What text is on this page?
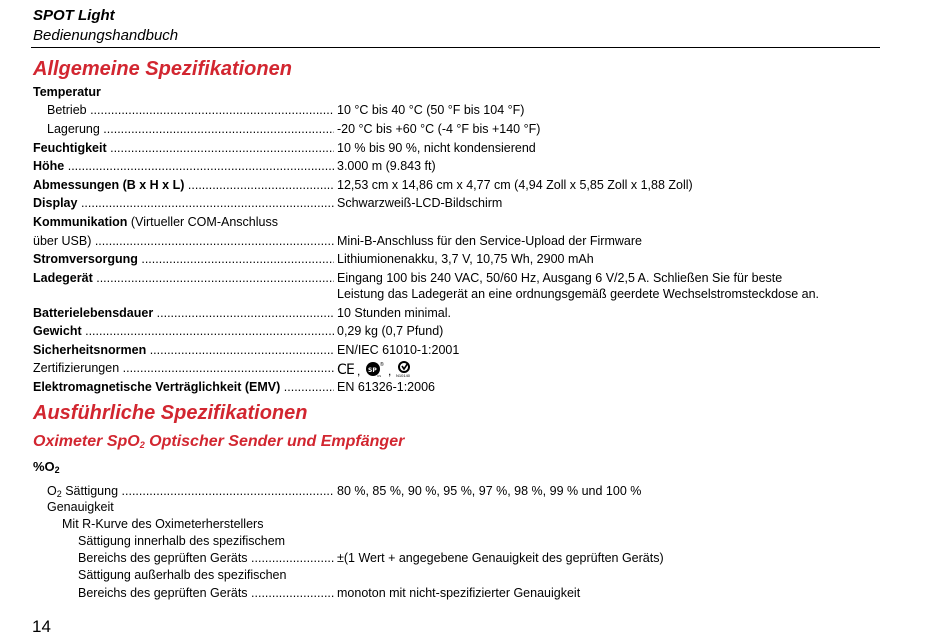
SPOT Light
Bedienungshandbuch
Allgemeine Spezifikationen
Temperatur
Betrieb .....	10 °C bis 40 °C (50 °F bis 104 °F)
Lagerung .....	-20 °C bis +60 °C (-4 °F bis +140 °F)
Feuchtigkeit .....	10 % bis 90 %, nicht kondensierend
Höhe .....	3.000 m (9.843 ft)
Abmessungen (B x H x L) .....	12,53 cm x 14,86 cm x 4,77 cm (4,94 Zoll x 5,85 Zoll x 1,88 Zoll)
Display .....	Schwarzweiß-LCD-Bildschirm
Kommunikation (Virtueller COM-Anschluss
über USB) .....	Mini-B-Anschluss für den Service-Upload der Firmware
Stromversorgung .....	Lithiumionenakku, 3,7 V, 10,75 Wh, 2900 mAh
Ladegerät .....	Eingang 100 bis 240 VAC, 50/60 Hz, Ausgang 6 V/2,5 A. Schließen Sie für beste
Leistung das Ladegerät an eine ordnungsgemäß geerdete Wechselstromsteckdose an.
Batterielebensdauer .....	10 Stunden minimal.
Gewicht .....	0,29 kg (0,7 Pfund)
Sicherheitsnormen .....	EN/IEC 61010-1:2001
Zertifizierungen .....	C E , SP
®
US , N10140
Elektromagnetische Verträglichkeit (EMV) .....	EN 61326-1:2006
Ausführliche Spezifikationen
Oximeter SpO$_2$ Optischer Sender und Empfänger
$\%O_2$
$O_2$ Sättigung .....	80 %, 85 %, 90 %, 95 %, 97 %, 98 %, 99 % und 100 %
Genauigkeit
Mit R-Kurve des Oximeterherstellers
Sättigung innerhalb des spezifischem
Bereichs des geprüften Geräts .....	±(1 Wert + angegebene Genauigkeit des geprüften Geräts)
Sättigung außerhalb des spezifischen
Bereichs des geprüften Geräts .....	monoton mit nicht-spezifizierter Genauigkeit
14
